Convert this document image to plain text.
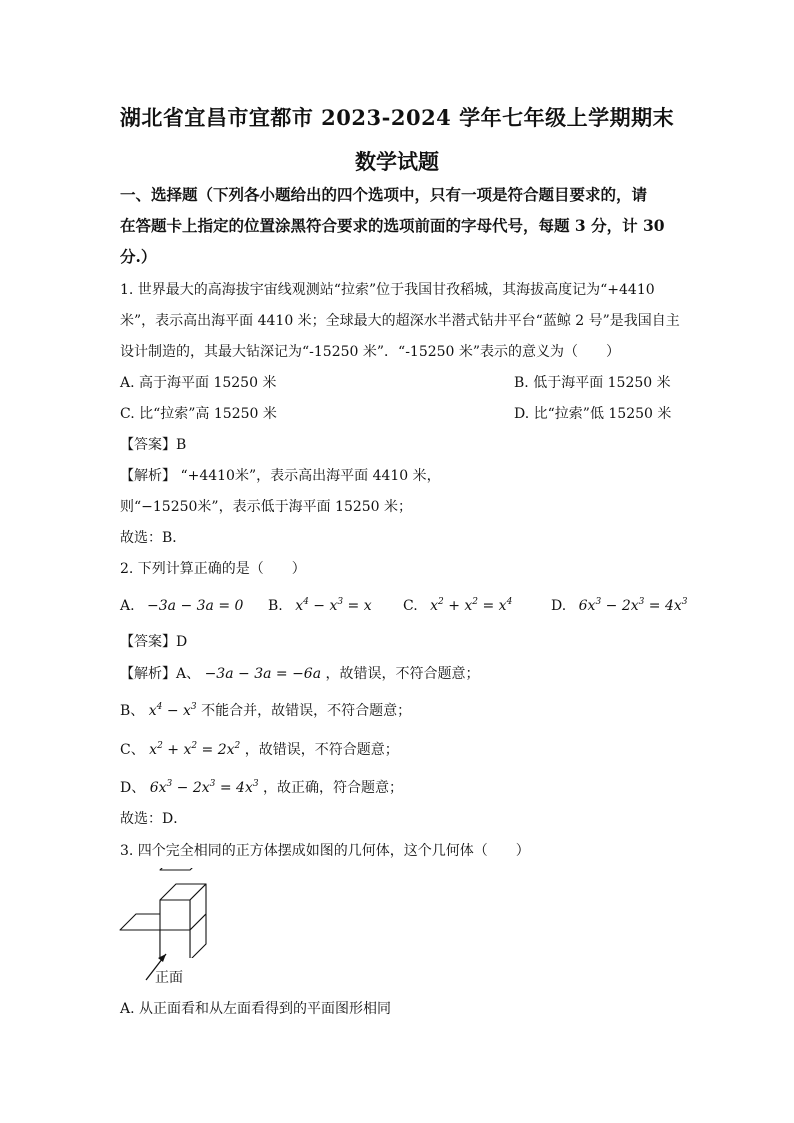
湖北省宜昌市宜都市 2023-2024 学年七年级上学期期末
数学试题
一、选择题（下列各小题给出的四个选项中，只有一项是符合题目要求的，请
在答题卡上指定的位置涂黑符合要求的选项前面的字母代号，每题 3 分，计 30
分.）
1. 世界最大的高海拔宇宙线观测站“拉索”位于我国甘孜稻城，其海拔高度记为“+4410
米”，表示高出海平面 4410 米；全球最大的超深水半潜式钻井平台“蓝鲸 2 号”是我国自主
设计制造的，其最大钻深记为“-15250 米”．“-15250 米”表示的意义为（　　）
A. 高于海平面 15250 米	B. 低于海平面 15250 米
C. 比“拉索”高 15250 米	D. 比“拉索”低 15250 米
【答案】B
【解析】 “+4410米”，表示高出海平面 4410 米，
则“−15250米”，表示低于海平面 15250 米；
故选：B．
2. 下列计算正确的是（　　）
A. −3a − 3a = 0 B. $x^4 - x^3 = x$ C. $x^2 + x^2 = x^4$	D. $6x^3 - 2x^3 = 4x^3$
【答案】D
【解析】A、 −3a − 3a = −6a ，故错误，不符合题意；
B、 $x^4 - x^3$ 不能合并，故错误，不符合题意；
C、 $x^2 + x^2 = 2x^2$ ，故错误，不符合题意；
D、 $6x^3 - 2x^3 = 4x^3$ ，故正确，符合题意；
故选：D．
3. 四个完全相同的正方体摆成如图的几何体，这个几何体（　　）
正面
A. 从正面看和从左面看得到的平面图形相同
